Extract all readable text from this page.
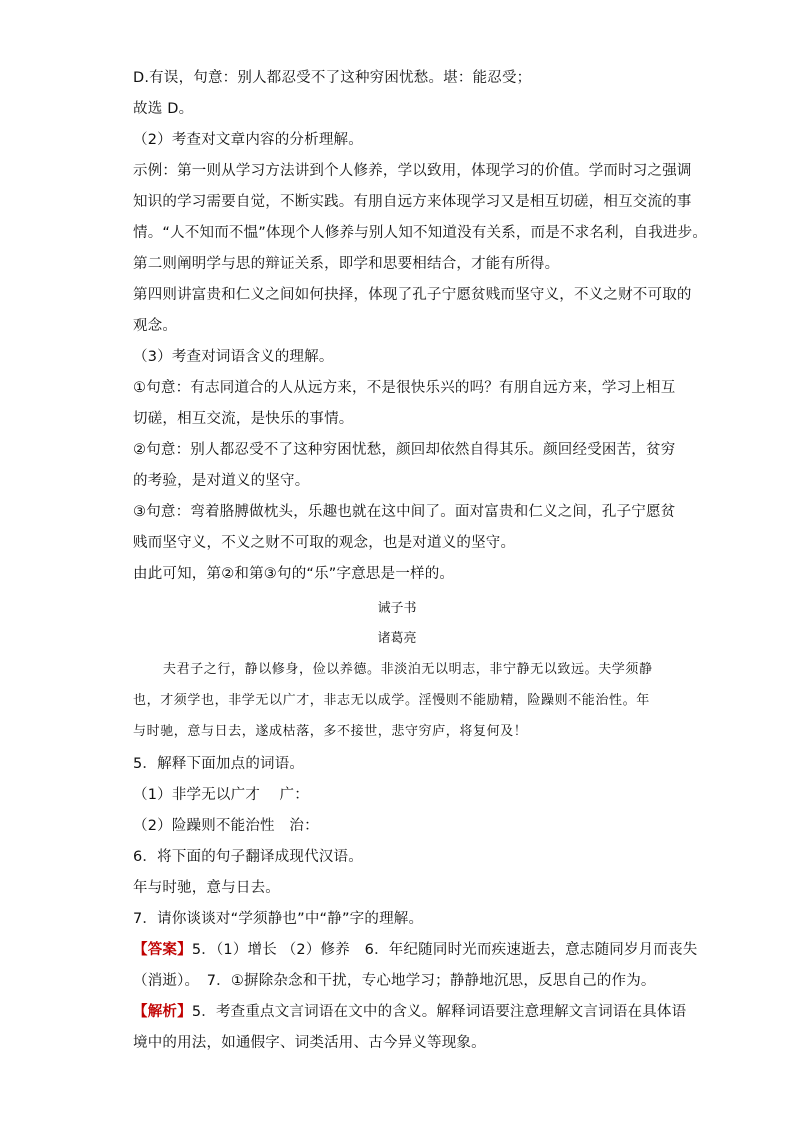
D.有误，句意：别人都忍受不了这种穷困忧愁。堪：能忍受；
故选 D。
（2）考查对文章内容的分析理解。
示例：第一则从学习方法讲到个人修养，学以致用，体现学习的价值。学而时习之强调
知识的学习需要自觉，不断实践。有朋自远方来体现学习又是相互切磋，相互交流的事
情。“人不知而不愠”体现个人修养与别人知不知道没有关系，而是不求名利，自我进步。
第二则阐明学与思的辩证关系，即学和思要相结合，才能有所得。
第四则讲富贵和仁义之间如何抉择，体现了孔子宁愿贫贱而坚守义，不义之财不可取的
观念。
（3）考查对词语含义的理解。
①句意：有志同道合的人从远方来，不是很快乐兴的吗？有朋自远方来，学习上相互
切磋，相互交流，是快乐的事情。
②句意：别人都忍受不了这种穷困忧愁，颜回却依然自得其乐。颜回经受困苦，贫穷
的考验，是对道义的坚守。
③句意：弯着胳膊做枕头，乐趣也就在这中间了。面对富贵和仁义之间，孔子宁愿贫
贱而坚守义，不义之财不可取的观念，也是对道义的坚守。
由此可知，第②和第③句的“乐”字意思是一样的。
诫子书
诸葛亮
夫君子之行，静以修身，俭以养德。非淡泊无以明志，非宁静无以致远。夫学须静
也，才须学也，非学无以广才，非志无以成学。淫慢则不能励精，险躁则不能治性。年
与时驰，意与日去，遂成枯落，多不接世，悲守穷庐，将复何及！
5．解释下面加点的词语。
（1）非学无以广才　 广：
（2）险躁则不能治性　治：
6．将下面的句子翻译成现代汉语。
年与时驰，意与日去。
7．请你谈谈对“学须静也”中“静”字的理解。
【答案】5．（1）增长 （2）修养　6．年纪随同时光而疾速逝去，意志随同岁月而丧失
（消逝）。　7．①摒除杂念和干扰，专心地学习；静静地沉思，反思自己的作为。
【解析】5．考查重点文言词语在文中的含义。解释词语要注意理解文言词语在具体语
境中的用法，如通假字、词类活用、古今异义等现象。
